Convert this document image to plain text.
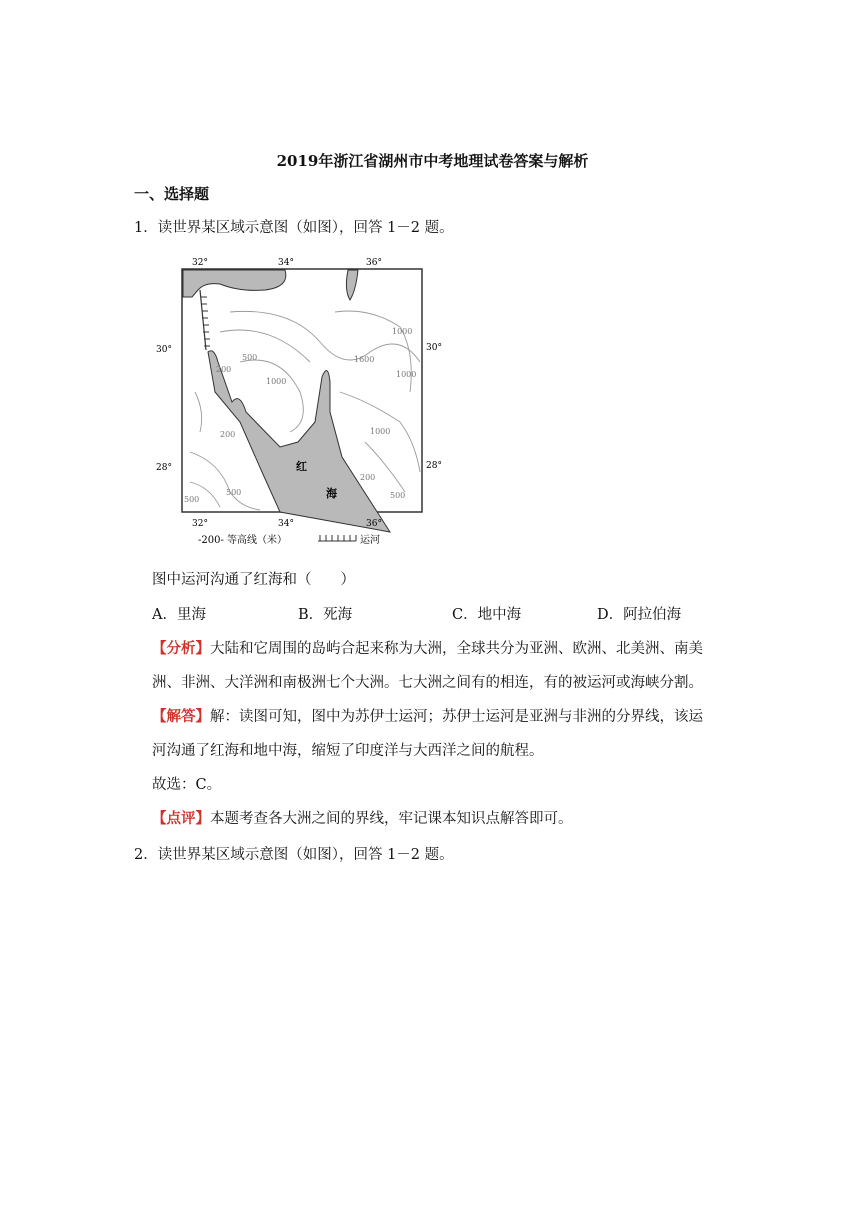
2019年浙江省湖州市中考地理试卷答案与解析
一、选择题
1．读世界某区域示意图（如图），回答 1－2 题。
32°	34°	36°
32°	34°	36°
30°
28°
30°
28°
500
1000
1600
1000
1000
200
1000
200
500
500
200
500
红
海
-200- 等高线（米）	运河
图中运河沟通了红海和（　　）
A．里海	B．死海	C．地中海	D．阿拉伯海
【分析】大陆和它周围的岛屿合起来称为大洲，全球共分为亚洲、欧洲、北美洲、南美
洲、非洲、大洋洲和南极洲七个大洲。七大洲之间有的相连，有的被运河或海峡分割。
【解答】解：读图可知，图中为苏伊士运河；苏伊士运河是亚洲与非洲的分界线，该运
河沟通了红海和地中海，缩短了印度洋与大西洋之间的航程。
故选：C。
【点评】本题考查各大洲之间的界线，牢记课本知识点解答即可。
2．读世界某区域示意图（如图），回答 1－2 题。
